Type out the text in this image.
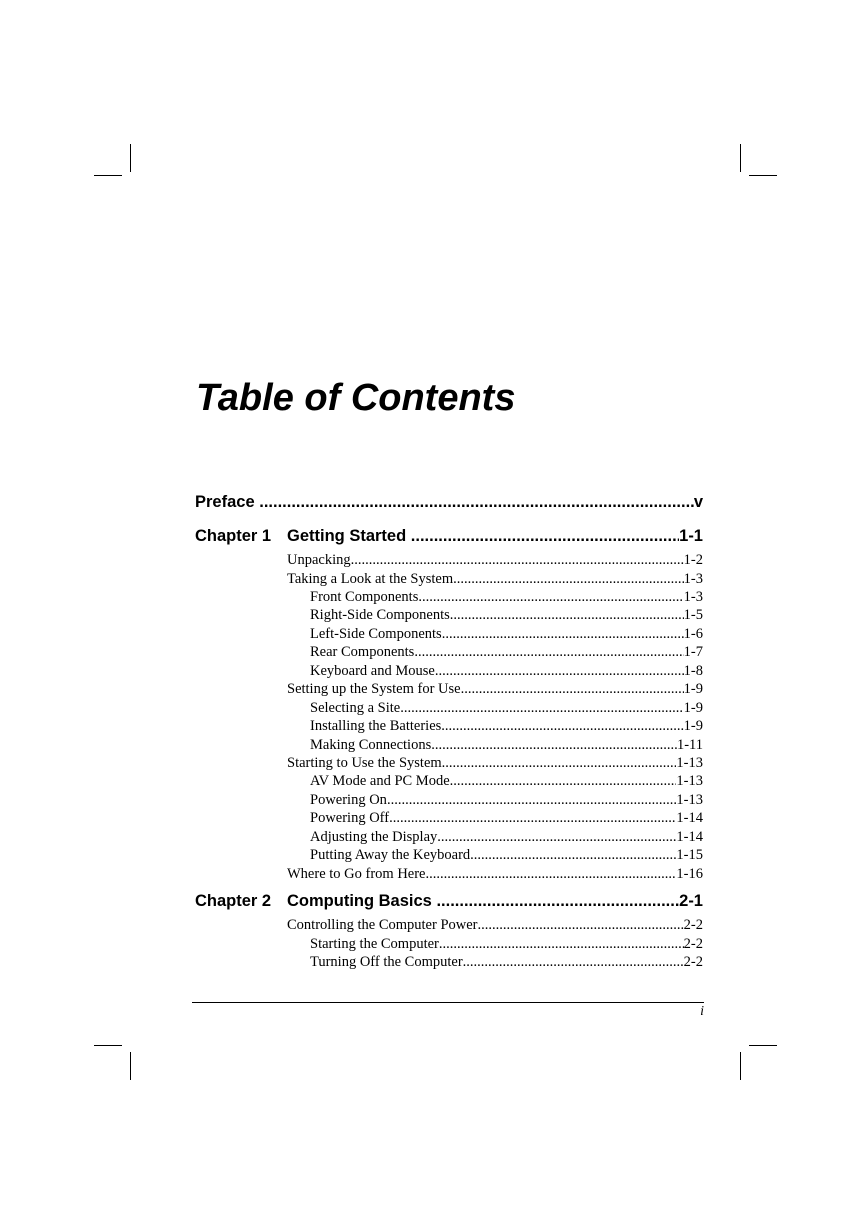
Table of Contents
Preface .....	v
Chapter 1 Getting Started .....	1-1
Unpacking .....	1-2
Taking a Look at the System .....	1-3
Front Components .....	1-3
Right-Side Components .....	1-5
Left-Side Components .....	1-6
Rear Components .....	1-7
Keyboard and Mouse .....	1-8
Setting up the System for Use .....	1-9
Selecting a Site .....	1-9
Installing the Batteries .....	1-9
Making Connections .....	1-11
Starting to Use the System .....	1-13
AV Mode and PC Mode .....	1-13
Powering On .....	1-13
Powering Off .....	1-14
Adjusting the Display .....	1-14
Putting Away the Keyboard .....	1-15
Where to Go from Here .....	1-16
Chapter 2 Computing Basics .....	2-1
Controlling the Computer Power .....	2-2
Starting the Computer .....	2-2
Turning Off the Computer .....	2-2
i
